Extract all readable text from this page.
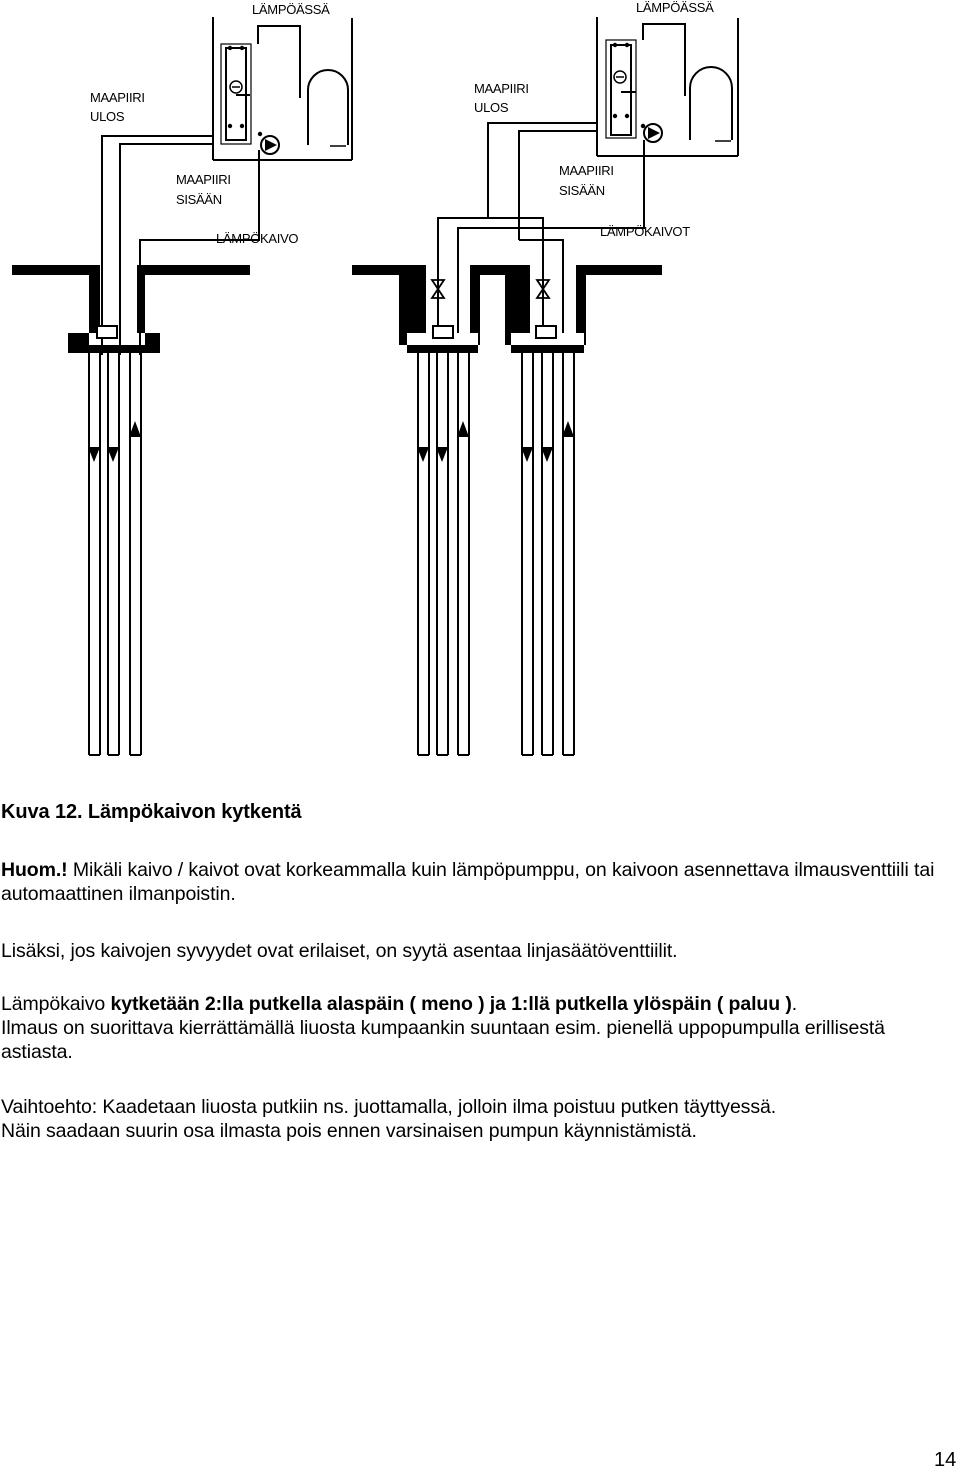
LÄMPÖÄSSÄ
MAAPIIRI
ULOS
MAAPIIRI
SISÄÄN
LÄMPÖKAIVO
LÄMPÖÄSSÄ
MAAPIIRI
ULOS
MAAPIIRI
SISÄÄN
LÄMPÖKAIVOT
Kuva 12. Lämpökaivon kytkentä
Huom.! Mikäli kaivo / kaivot ovat korkeammalla kuin lämpöpumppu, on kaivoon asennettava ilmausventtiili tai automaattinen ilmanpoistin.
Lisäksi, jos kaivojen syvyydet ovat erilaiset, on syytä asentaa linjasäätöventtiilit.
Lämpökaivo kytketään 2:lla putkella alaspäin ( meno ) ja 1:llä putkella ylöspäin ( paluu ).
Ilmaus on suorittava kierrättämällä liuosta kumpaankin suuntaan esim. pienellä uppopumpulla erillisestä astiasta.
Vaihtoehto: Kaadetaan liuosta putkiin ns. juottamalla, jolloin ilma poistuu putken täyttyessä.
Näin saadaan suurin osa ilmasta pois ennen varsinaisen pumpun käynnistämistä.
14
